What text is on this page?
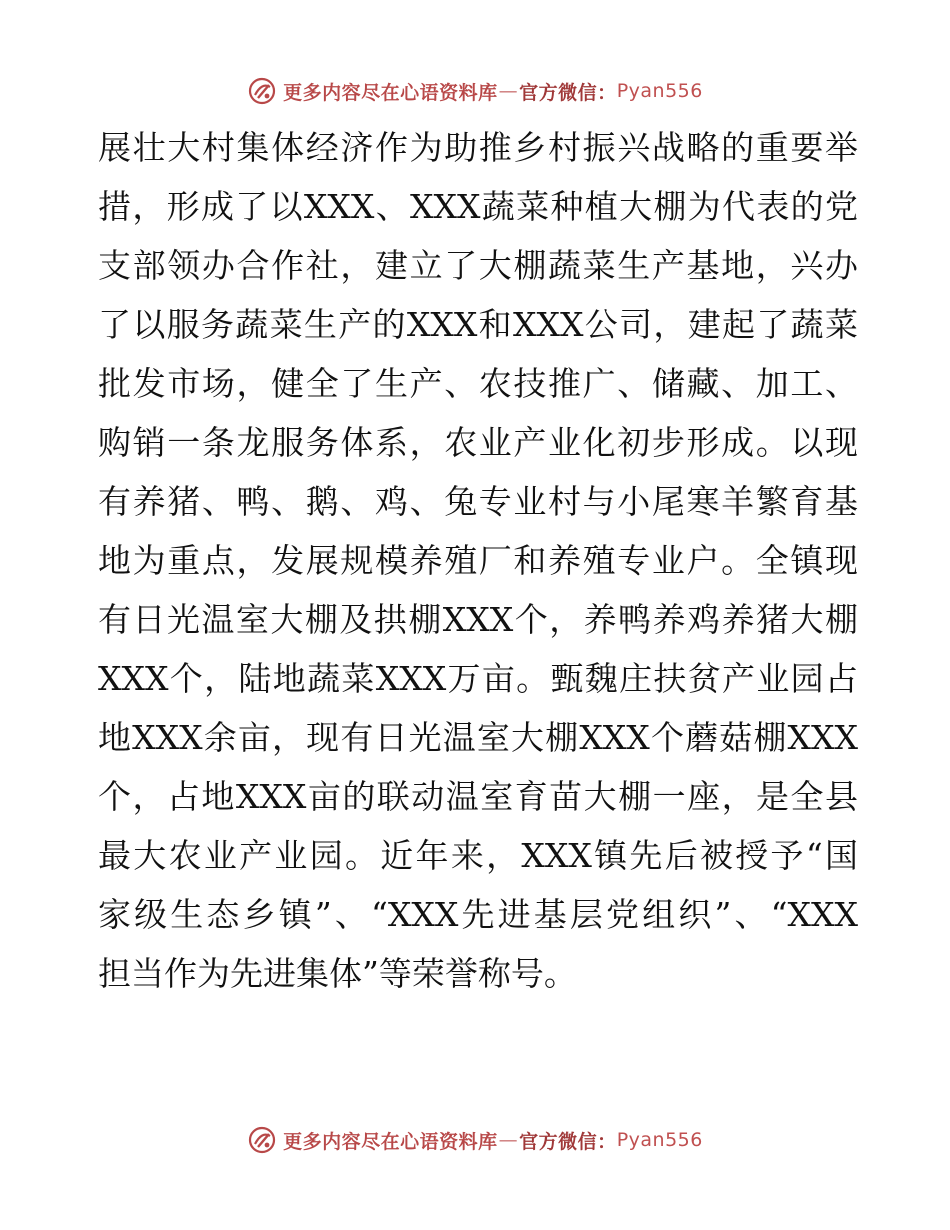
更多内容尽在心语资料库 — 官方微信 ： Pyan556
展壮大村集体经济作为助推乡村振兴战略的重要举
措，形成了以XXX、XXX蔬菜种植大棚为代表的党
支部领办合作社，建立了大棚蔬菜生产基地，兴办
了以服务蔬菜生产的XXX和XXX公司，建起了蔬菜
批发市场，健全了生产、农技推广、储藏、加工、
购销一条龙服务体系，农业产业化初步形成。以现
有养猪、鸭、鹅、鸡、兔专业村与小尾寒羊繁育基
地为重点，发展规模养殖厂和养殖专业户。全镇现
有日光温室大棚及拱棚XXX个，养鸭养鸡养猪大棚
XXX个，陆地蔬菜XXX万亩。甄魏庄扶贫产业园占
地XXX余亩，现有日光温室大棚XXX个蘑菇棚XXX
个，占地XXX亩的联动温室育苗大棚一座，是全县
最大农业产业园。近年来，XXX镇先后被授予“国
家级生态乡镇”、“XXX先进基层党组织”、“XXX
担当作为先进集体”等荣誉称号。
更多内容尽在心语资料库 — 官方微信 ： Pyan556
